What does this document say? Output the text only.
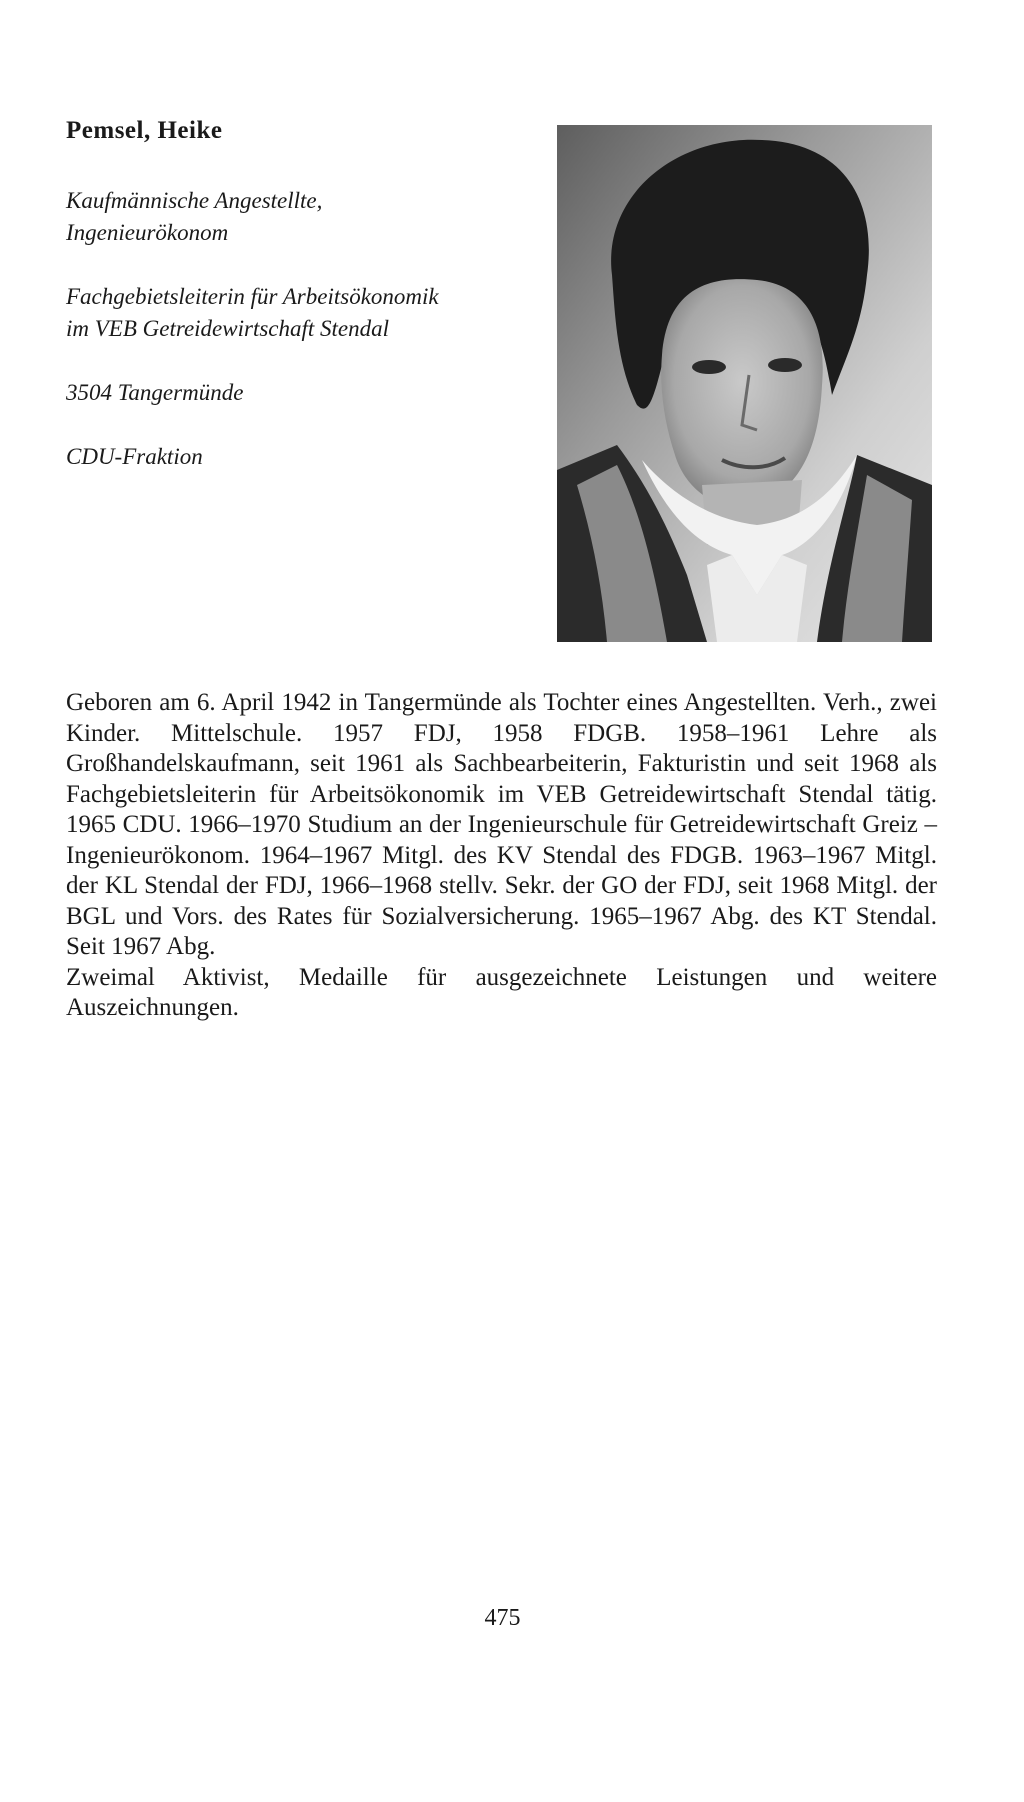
Pemsel, Heike

Kaufmännische Angestellte, Ingenieurökonom

Fachgebietsleiterin für Arbeitsökonomik im VEB Getreidewirtschaft Stendal

3504 Tangermünde

CDU-Fraktion

Geboren am 6. April 1942 in Tangermünde als Tochter eines Angestellten. Verh., zwei Kinder. Mittelschule. 1957 FDJ, 1958 FDGB. 1958–1961 Lehre als Großhandelskaufmann, seit 1961 als Sachbearbeiterin, Fakturistin und seit 1968 als Fachgebietsleiterin für Arbeitsökonomik im VEB Getreidewirtschaft Stendal tätig. 1965 CDU. 1966–1970 Studium an der Ingenieurschule für Getreidewirtschaft Greiz – Ingenieurökonom. 1964–1967 Mitgl. des KV Stendal des FDGB. 1963–1967 Mitgl. der KL Stendal der FDJ, 1966–1968 stellv. Sekr. der GO der FDJ, seit 1968 Mitgl. der BGL und Vors. des Rates für Sozialversicherung. 1965–1967 Abg. des KT Stendal. Seit 1967 Abg.

Zweimal Aktivist, Medaille für ausgezeichnete Leistungen und weitere Auszeichnungen.

475
